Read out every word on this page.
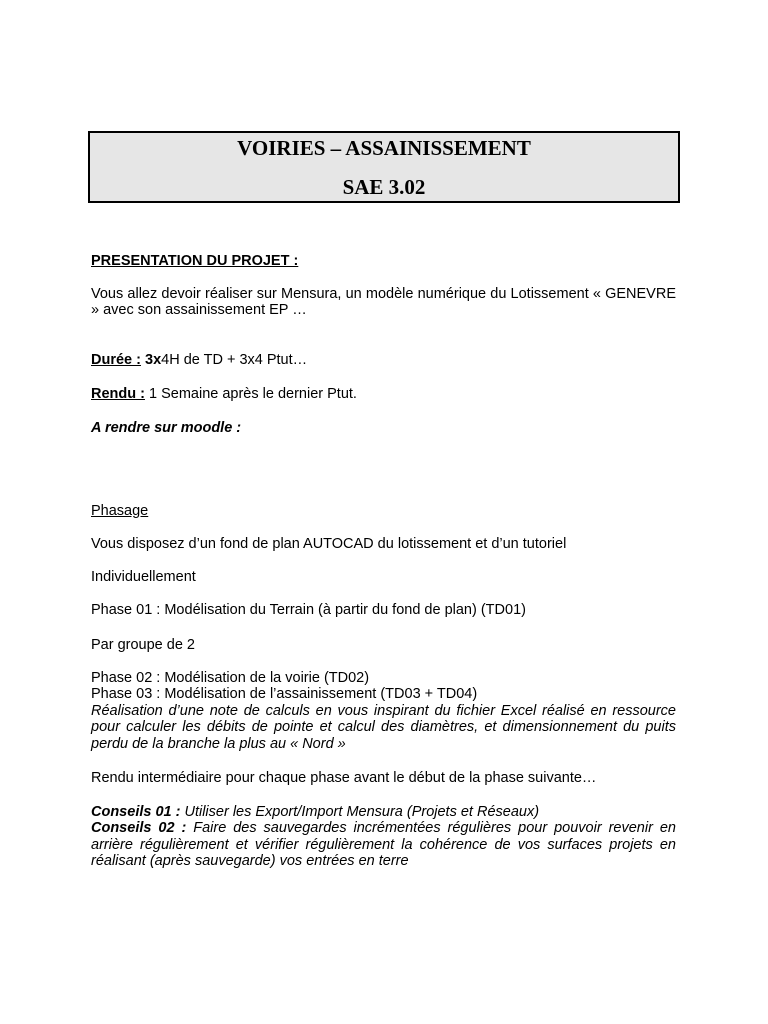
VOIRIES – ASSAINISSEMENT
SAE 3.02

PRESENTATION DU PROJET :

Vous allez devoir réaliser sur Mensura, un modèle numérique du Lotissement « GENEVRE » avec son assainissement EP …

Durée : 3x4H de TD + 3x4 Ptut…

Rendu : 1 Semaine après le dernier Ptut.

A rendre sur moodle :

Phasage

Vous disposez d’un fond de plan AUTOCAD du lotissement et d’un tutoriel

Individuellement

Phase 01 : Modélisation du Terrain (à partir du fond de plan) (TD01)

Par groupe de 2

Phase 02 : Modélisation de la voirie (TD02)
Phase 03 : Modélisation de l’assainissement (TD03 + TD04)
Réalisation d’une note de calculs en vous inspirant du fichier Excel réalisé en ressource pour calculer les débits de pointe et calcul des diamètres, et dimensionnement du puits perdu de la branche la plus au « Nord »

Rendu intermédiaire pour chaque phase avant le début de la phase suivante…

Conseils 01 : Utiliser les Export/Import Mensura (Projets et Réseaux)
Conseils 02 : Faire des sauvegardes incrémentées régulières pour pouvoir revenir en arrière régulièrement et vérifier régulièrement la cohérence de vos surfaces projets en réalisant (après sauvegarde) vos entrées en terre
